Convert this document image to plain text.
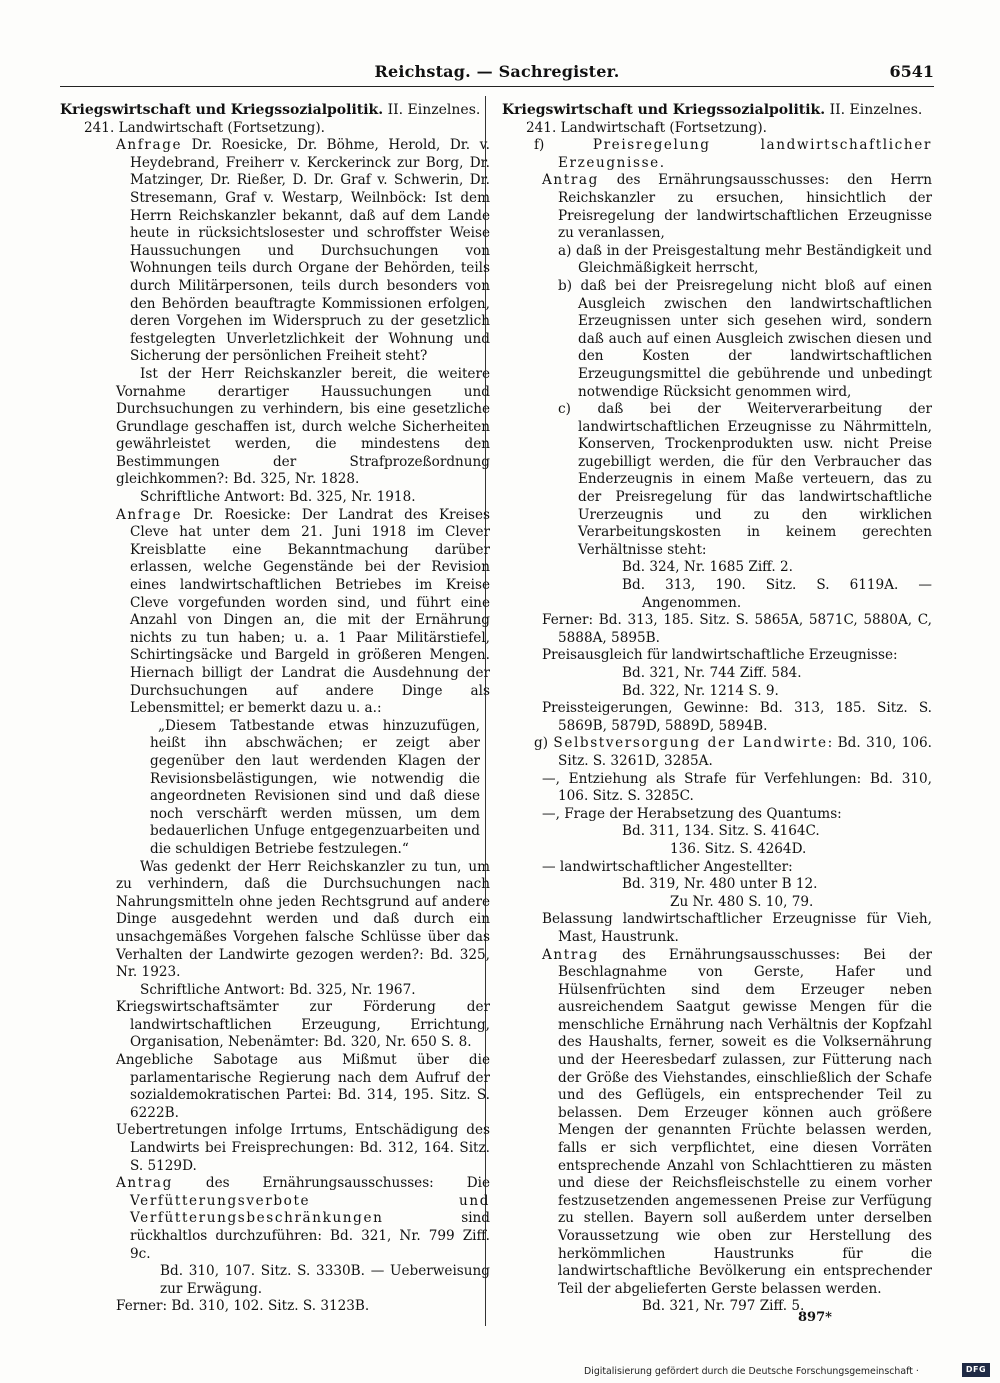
Reichstag. — Sachregister.	6541

Kriegswirtschaft und Kriegssozialpolitik. II. Einzelnes.

241. Landwirtschaft (Fortsetzung).

Anfrage Dr. Roesicke, Dr. Böhme, Herold, Dr. v. Heydebrand, Freiherr v. Kerckerinck zur Borg, Dr. Matzinger, Dr. Rießer, D. Dr. Graf v. Schwerin, Dr. Stresemann, Graf v. Westarp, Weilnböck: Ist dem Herrn Reichskanzler bekannt, daß auf dem Lande heute in rücksichtslosester und schroffster Weise Haussuchungen und Durchsuchungen von Wohnungen teils durch Organe der Behörden, teils durch Militärpersonen, teils durch besonders von den Behörden beauftragte Kommissionen erfolgen, deren Vorgehen im Widerspruch zu der gesetzlich festgelegten Unverletzlichkeit der Wohnung und Sicherung der persönlichen Freiheit steht?

Ist der Herr Reichskanzler bereit, die weitere Vornahme derartiger Haussuchungen und Durchsuchungen zu verhindern, bis eine gesetzliche Grundlage geschaffen ist, durch welche Sicherheiten gewährleistet werden, die mindestens den Bestimmungen der Strafprozeßordnung gleichkommen?: Bd. 325, Nr. 1828.

Schriftliche Antwort: Bd. 325, Nr. 1918.

Anfrage Dr. Roesicke: Der Landrat des Kreises Cleve hat unter dem 21. Juni 1918 im Clever Kreisblatte eine Bekanntmachung darüber erlassen, welche Gegenstände bei der Revision eines landwirtschaftlichen Betriebes im Kreise Cleve vorgefunden worden sind, und führt eine Anzahl von Dingen an, die mit der Ernährung nichts zu tun haben; u. a. 1 Paar Militärstiefel, Schirtingsäcke und Bargeld in größeren Mengen. Hiernach billigt der Landrat die Ausdehnung der Durchsuchungen auf andere Dinge als Lebensmittel; er bemerkt dazu u. a.:

„Diesem Tatbestande etwas hinzuzufügen, heißt ihn abschwächen; er zeigt aber gegenüber den laut werdenden Klagen der Revisionsbelästigungen, wie notwendig die angeordneten Revisionen sind und daß diese noch verschärft werden müssen, um dem bedauerlichen Unfuge entgegenzuarbeiten und die schuldigen Betriebe festzulegen.“

Was gedenkt der Herr Reichskanzler zu tun, um zu verhindern, daß die Durchsuchungen nach Nahrungsmitteln ohne jeden Rechtsgrund auf andere Dinge ausgedehnt werden und daß durch ein unsachgemäßes Vorgehen falsche Schlüsse über das Verhalten der Landwirte gezogen werden?: Bd. 325, Nr. 1923.

Schriftliche Antwort: Bd. 325, Nr. 1967.

Kriegswirtschaftsämter zur Förderung der landwirtschaftlichen Erzeugung, Errichtung, Organisation, Nebenämter: Bd. 320, Nr. 650 S. 8.

Angebliche Sabotage aus Mißmut über die parlamentarische Regierung nach dem Aufruf der sozialdemokratischen Partei: Bd. 314, 195. Sitz. S. 6222B.

Uebertretungen infolge Irrtums, Entschädigung des Landwirts bei Freisprechungen: Bd. 312, 164. Sitz. S. 5129D.

Antrag des Ernährungsausschusses: Die Verfütterungsverbote und Verfütterungsbeschränkungen sind rückhaltlos durchzuführen: Bd. 321, Nr. 799 Ziff. 9c.

Bd. 310, 107. Sitz. S. 3330B. — Ueberweisung zur Erwägung.

Ferner: Bd. 310, 102. Sitz. S. 3123B.

Kriegswirtschaft und Kriegssozialpolitik. II. Einzelnes.

241. Landwirtschaft (Fortsetzung).

f) Preisregelung landwirtschaftlicher Erzeugnisse.

Antrag des Ernährungsausschusses: den Herrn Reichskanzler zu ersuchen, hinsichtlich der Preisregelung der landwirtschaftlichen Erzeugnisse zu veranlassen,

a) daß in der Preisgestaltung mehr Beständigkeit und Gleichmäßigkeit herrscht,

b) daß bei der Preisregelung nicht bloß auf einen Ausgleich zwischen den landwirtschaftlichen Erzeugnissen unter sich gesehen wird, sondern daß auch auf einen Ausgleich zwischen diesen und den Kosten der landwirtschaftlichen Erzeugungsmittel die gebührende und unbedingt notwendige Rücksicht genommen wird,

c) daß bei der Weiterverarbeitung der landwirtschaftlichen Erzeugnisse zu Nährmitteln, Konserven, Trockenprodukten usw. nicht Preise zugebilligt werden, die für den Verbraucher das Enderzeugnis in einem Maße verteuern, das zu der Preisregelung für das landwirtschaftliche Urerzeugnis und zu den wirklichen Verarbeitungskosten in keinem gerechten Verhältnisse steht:

Bd. 324, Nr. 1685 Ziff. 2.

Bd. 313, 190. Sitz. S. 6119A. — Angenommen.

Ferner: Bd. 313, 185. Sitz. S. 5865A, 5871C, 5880A, C, 5888A, 5895B.

Preisausgleich für landwirtschaftliche Erzeugnisse:

Bd. 321, Nr. 744 Ziff. 584.

Bd. 322, Nr. 1214 S. 9.

Preissteigerungen, Gewinne: Bd. 313, 185. Sitz. S. 5869B, 5879D, 5889D, 5894B.

g) Selbstversorgung der Landwirte: Bd. 310, 106. Sitz. S. 3261D, 3285A.

—, Entziehung als Strafe für Verfehlungen: Bd. 310, 106. Sitz. S. 3285C.

—, Frage der Herabsetzung des Quantums:

Bd. 311, 134. Sitz. S. 4164C.

136. Sitz. S. 4264D.

— landwirtschaftlicher Angestellter:

Bd. 319, Nr. 480 unter B 12.

Zu Nr. 480 S. 10, 79.

Belassung landwirtschaftlicher Erzeugnisse für Vieh, Mast, Haustrunk.

Antrag des Ernährungsausschusses: Bei der Beschlagnahme von Gerste, Hafer und Hülsenfrüchten sind dem Erzeuger neben ausreichendem Saatgut gewisse Mengen für die menschliche Ernährung nach Verhältnis der Kopfzahl des Haushalts, ferner, soweit es die Volksernährung und der Heeresbedarf zulassen, zur Fütterung nach der Größe des Viehstandes, einschließlich der Schafe und des Geflügels, ein entsprechender Teil zu belassen. Dem Erzeuger können auch größere Mengen der genannten Früchte belassen werden, falls er sich verpflichtet, eine diesen Vorräten entsprechende Anzahl von Schlachttieren zu mästen und diese der Reichsfleischstelle zu einem vorher festzusetzenden angemessenen Preise zur Verfügung zu stellen. Bayern soll außerdem unter derselben Voraussetzung wie oben zur Herstellung des herkömmlichen Haustrunks für die landwirtschaftliche Bevölkerung ein entsprechender Teil der abgelieferten Gerste belassen werden.

Bd. 321, Nr. 797 Ziff. 5.

897*
Digitalisierung gefördert durch die Deutsche Forschungsgemeinschaft ·	DFG
